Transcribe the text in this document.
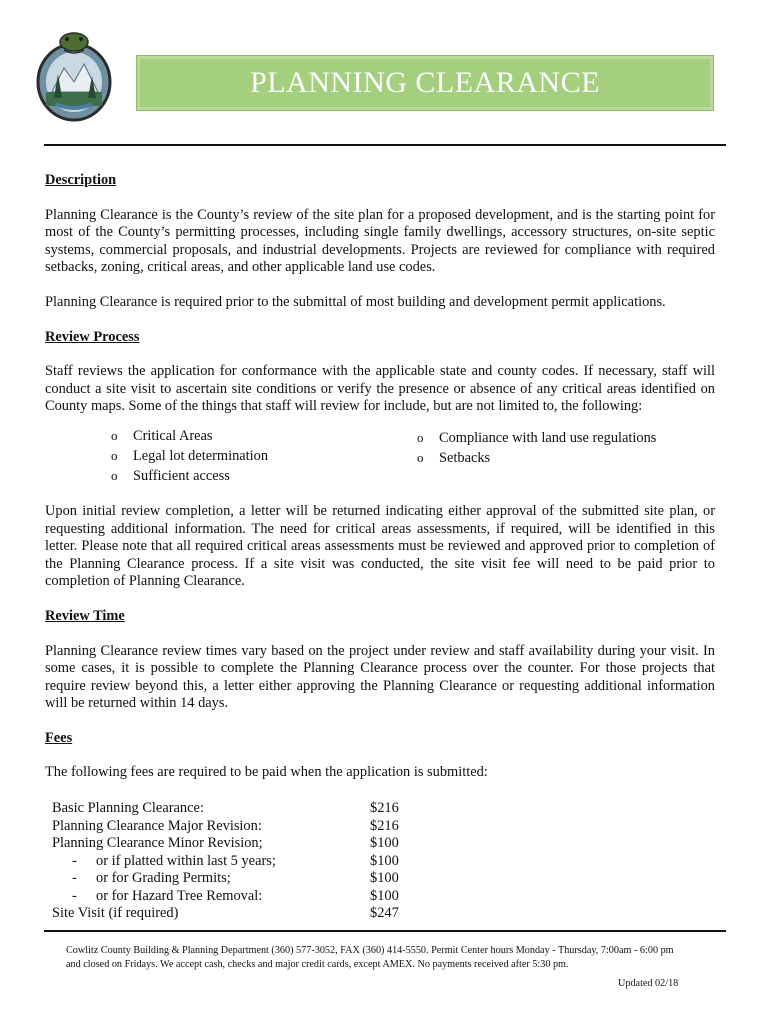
PLANNING CLEARANCE

Description

Planning Clearance is the County’s review of the site plan for a proposed development, and is the starting point for most of the County’s permitting processes, including single family dwellings, accessory structures, on-site septic systems, commercial proposals, and industrial developments. Projects are reviewed for compliance with required setbacks, zoning, critical areas, and other applicable land use codes.

Planning Clearance is required prior to the submittal of most building and development permit applications.

Review Process

Staff reviews the application for conformance with the applicable state and county codes. If necessary, staff will conduct a site visit to ascertain site conditions or verify the presence or absence of any critical areas identified on County maps. Some of the things that staff will review for include, but are not limited to, the following:

o	Critical Areas
o	Legal lot determination
o	Sufficient access
o	Compliance with land use regulations
o	Setbacks

Upon initial review completion, a letter will be returned indicating either approval of the submitted site plan, or requesting additional information. The need for critical areas assessments, if required, will be identified in this letter. Please note that all required critical areas assessments must be reviewed and approved prior to completion of the Planning Clearance process. If a site visit was conducted, the site visit fee will need to be paid prior to completion of Planning Clearance.

Review Time

Planning Clearance review times vary based on the project under review and staff availability during your visit. In some cases, it is possible to complete the Planning Clearance process over the counter. For those projects that require review beyond this, a letter either approving the Planning Clearance or requesting additional information will be returned within 14 days.

Fees

The following fees are required to be paid when the application is submitted:

Basic Planning Clearance:	$216
Planning Clearance Major Revision:	$216
Planning Clearance Minor Revision;	$100
- or if platted within last 5 years;	$100
- or for Grading Permits;	$100
- or for Hazard Tree Removal:	$100
Site Visit (if required)	$247
Cowlitz County Building & Planning Department (360) 577-3052, FAX (360) 414-5550. Permit Center hours Monday - Thursday, 7:00am - 6:00 pm
and closed on Fridays. We accept cash, checks and major credit cards, except AMEX. No payments received after 5:30 pm.
Updated 02/18
